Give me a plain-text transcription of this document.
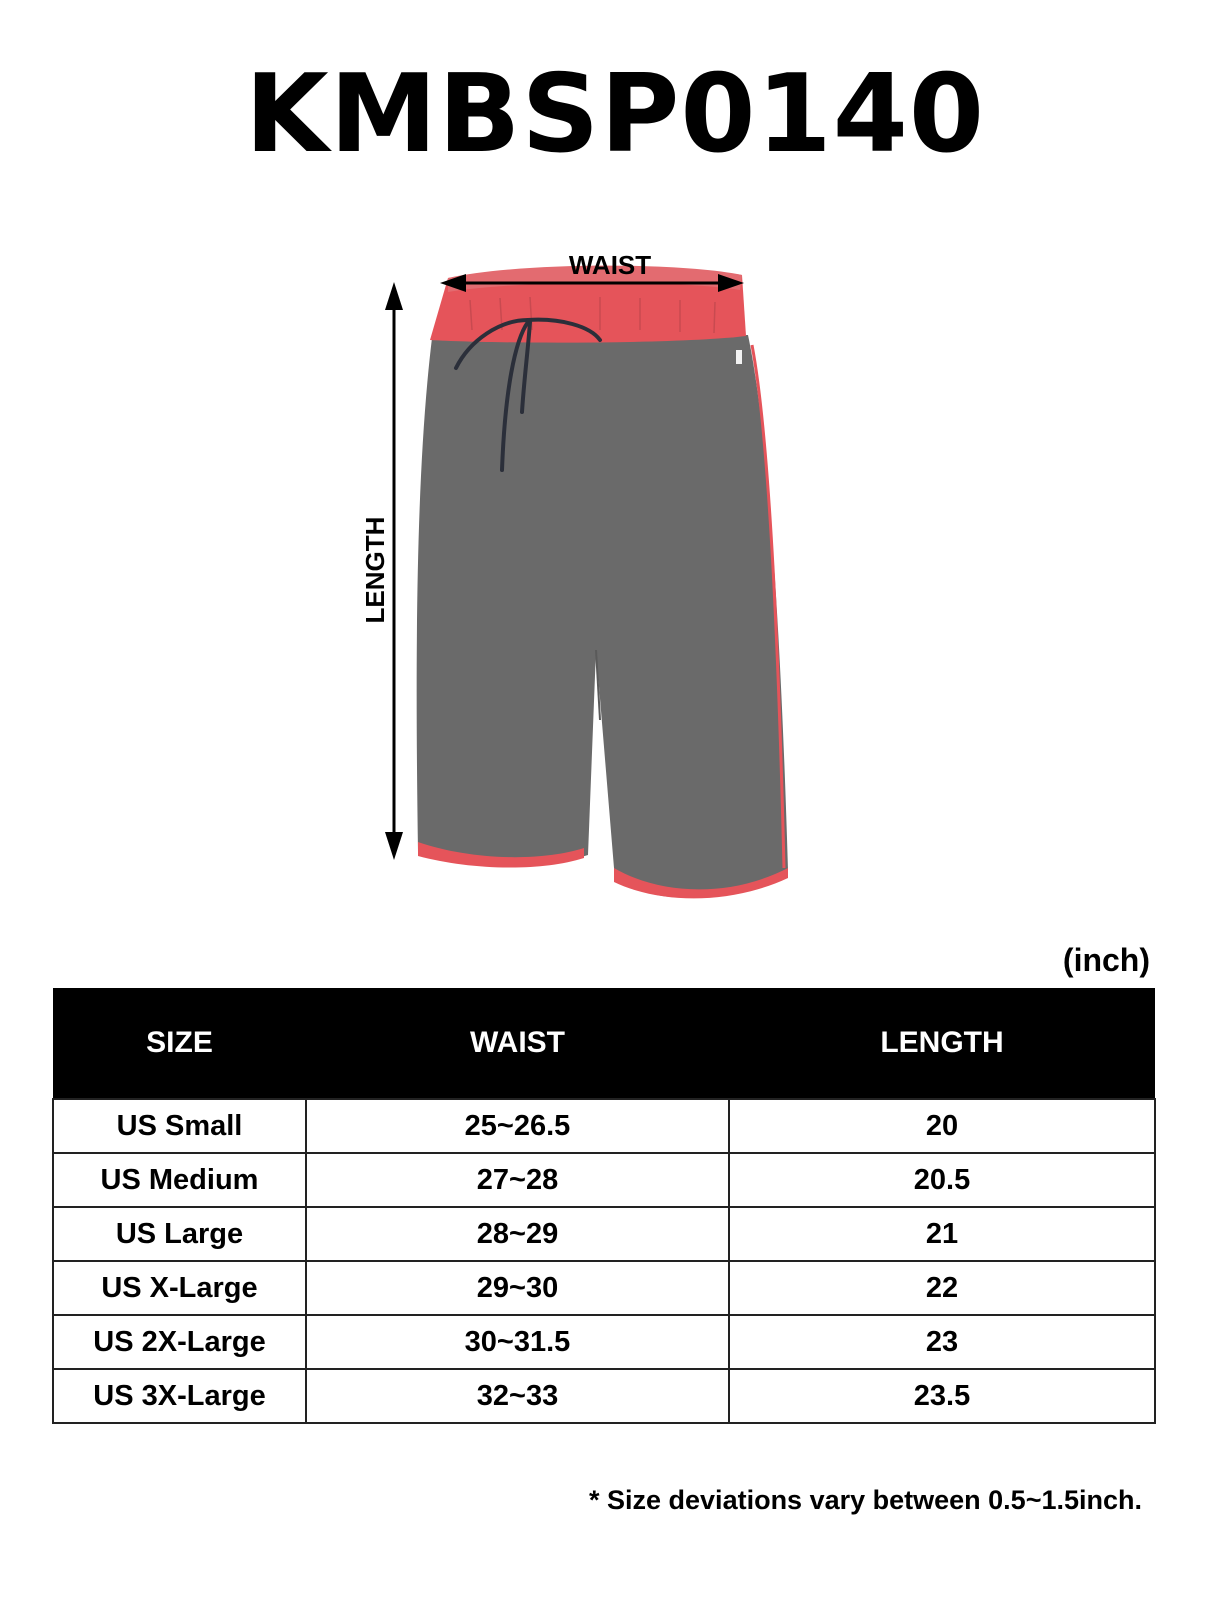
KMBSP0140
WAIST
LENGTH
(inch)
SIZE	WAIST	LENGTH
US Small	25~26.5	20
US Medium	27~28	20.5
US Large	28~29	21
US X-Large	29~30	22
US 2X-Large	30~31.5	23
US 3X-Large	32~33	23.5
* Size deviations vary between 0.5~1.5inch.
